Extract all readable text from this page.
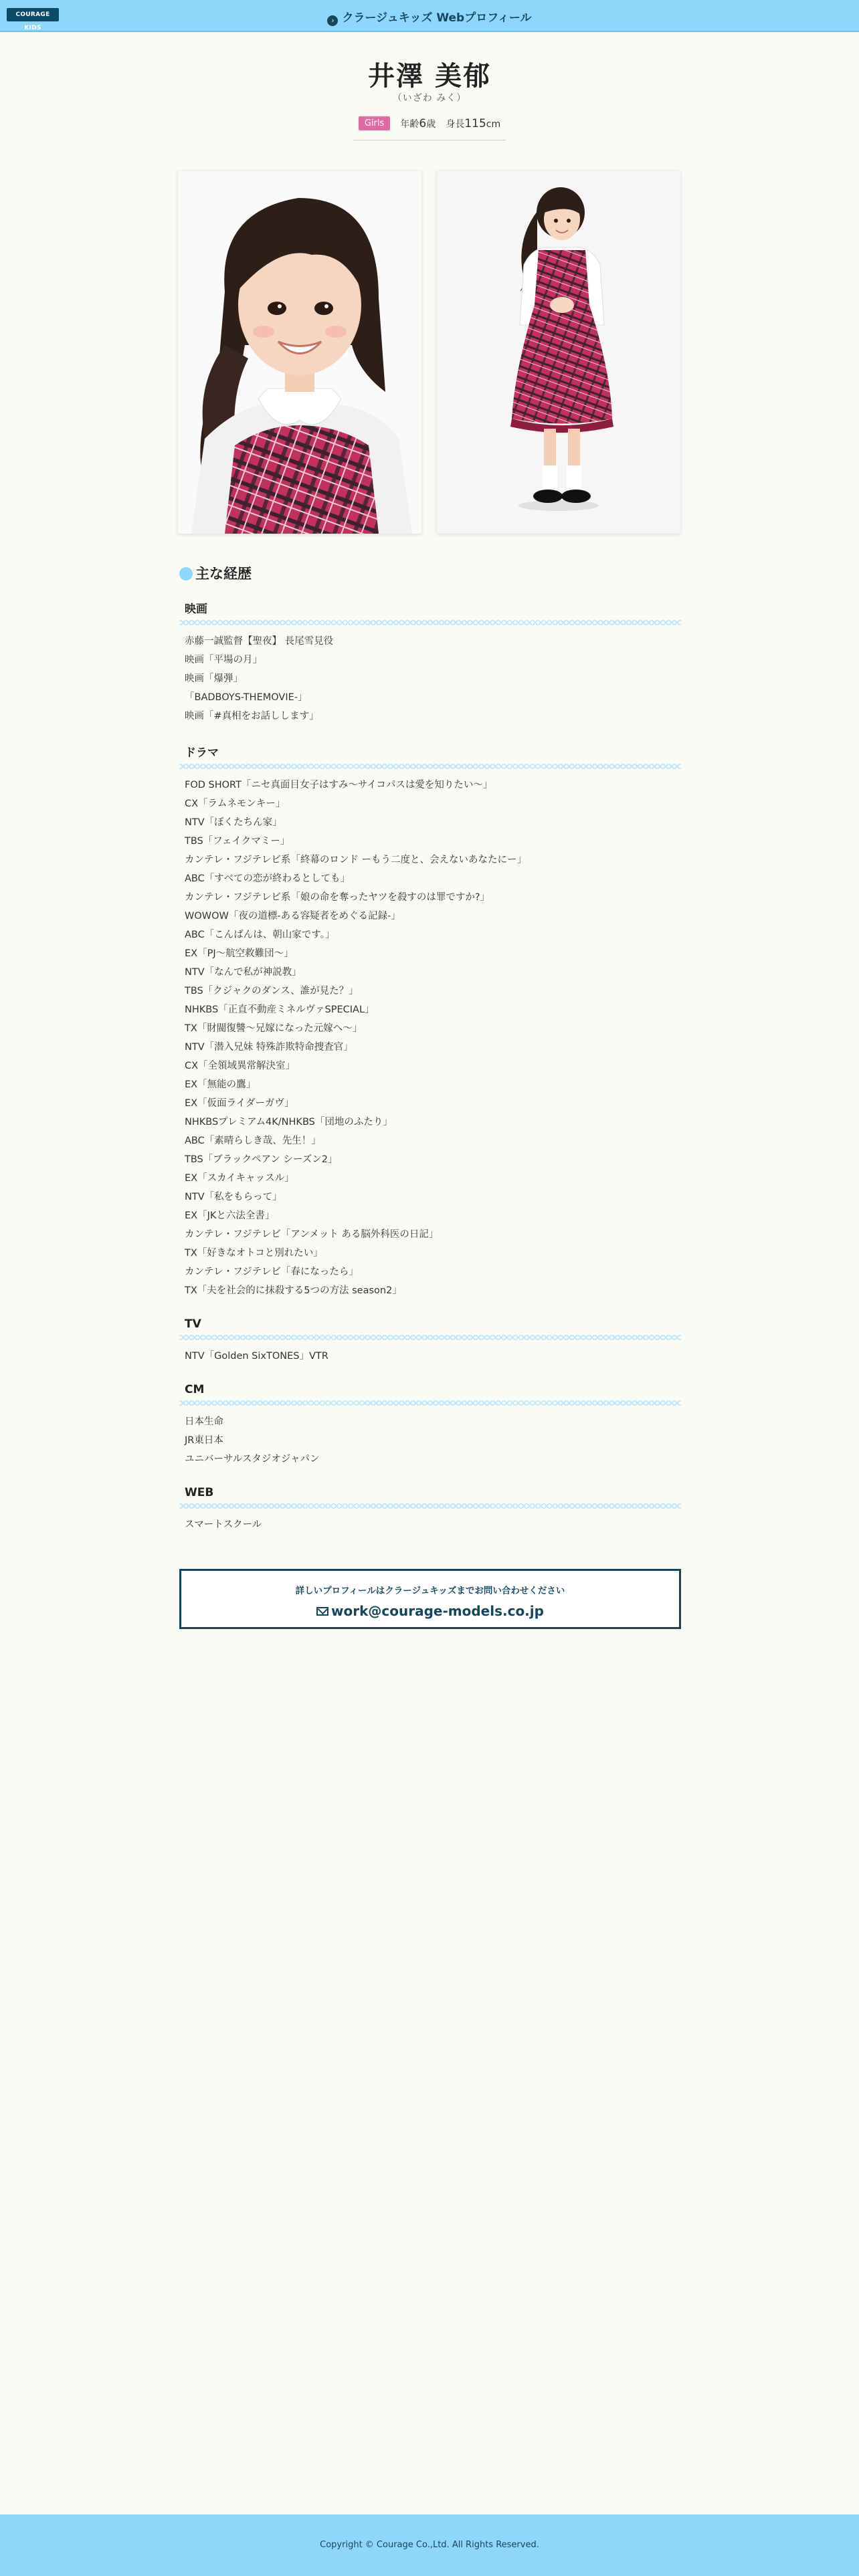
COURAGE KIDS
› クラージュキッズ Webプロフィール
井澤 美郁
（いざわ みく）
Girls 年齢6歳 身長115cm
主な経歴
映画
赤藤一誠監督【聖夜】 長尾雪見役
映画「平場の月」
映画「爆弾」
「BADBOYS-THEMOVIE-」
映画「#真相をお話しします」
ドラマ
FOD SHORT「ニセ真面目女子はすみ〜サイコパスは愛を知りたい〜」
CX「ラムネモンキー」
NTV「ぼくたちん家」
TBS「フェイクマミー」
カンテレ・フジテレビ系「終幕のロンド ーもう二度と、会えないあなたにー」
ABC「すべての恋が終わるとしても」
カンテレ・フジテレビ系「娘の命を奪ったヤツを殺すのは罪ですか?」
WOWOW「夜の道標-ある容疑者をめぐる記録-」
ABC「こんばんは、朝山家です。」
EX「PJ〜航空救難団〜」
NTV「なんで私が神説教」
TBS「クジャクのダンス、誰が見た？」
NHKBS「正直不動産ミネルヴァSPECIAL」
TX「財閥復讐〜兄嫁になった元嫁へ〜」
NTV「潜入兄妹 特殊詐欺特命捜査官」
CX「全領域異常解決室」
EX「無能の鷹」
EX「仮面ライダーガヴ」
NHKBSプレミアム4K/NHKBS「団地のふたり」
ABC「素晴らしき哉、先生！」
TBS「ブラックペアン シーズン2」
EX「スカイキャッスル」
NTV「私をもらって」
EX「JKと六法全書」
カンテレ・フジテレビ「アンメット ある脳外科医の日記」
TX「好きなオトコと別れたい」
カンテレ・フジテレビ「春になったら」
TX「夫を社会的に抹殺する5つの方法 season2」
TV
NTV「Golden SixTONES」VTR
CM
日本生命
JR東日本
ユニバーサルスタジオジャパン
WEB
スマートスクール
詳しいプロフィールはクラージュキッズまでお問い合わせください
work@courage-models.co.jp
Copyright © Courage Co.,Ltd. All Rights Reserved.
